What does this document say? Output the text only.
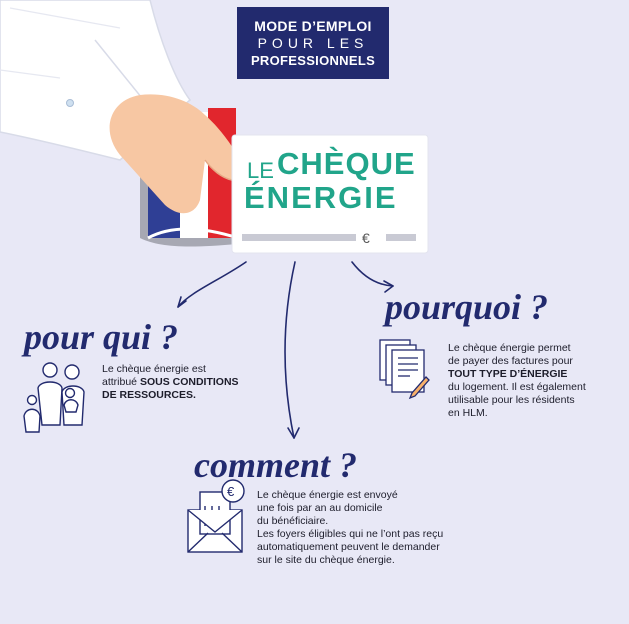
MODE D’EMPLOI
POUR LES
PROFESSIONNELS
€
€
LE CHÈQUE
ÉNERGIE
pour qui ?
Le chèque énergie est
attribué SOUS CONDITIONS
DE RESSOURCES.
pourquoi ?
Le chèque énergie permet
de payer des factures pour
TOUT TYPE D’ÉNERGIE
du logement. Il est également
utilisable pour les résidents
en HLM.
comment ?
Le chèque énergie est envoyé
une fois par an au domicile
du bénéficiaire.
Les foyers éligibles qui ne l’ont pas reçu
automatiquement peuvent le demander
sur le site du chèque énergie.
